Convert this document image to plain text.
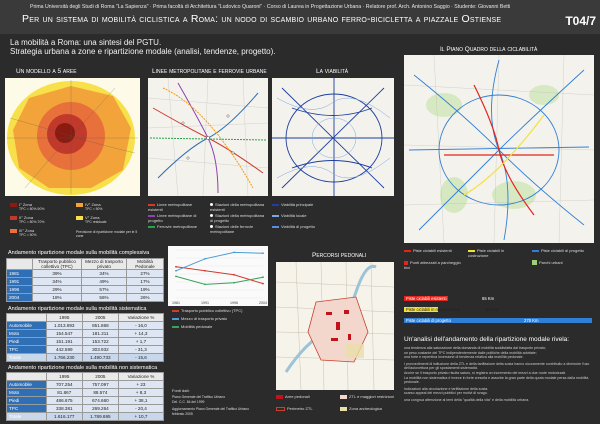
Prima Università degli Studi di Roma "La Sapienza" · Prima facoltà di Architettura "Ludovico Quaroni" · Corso di Laurea in Progettazione Urbana · Relatore prof. Arch. Antonino Saggio · Studente: Giovanni Betti
Per un sistema di mobilità ciclistica a Roma: un nodo di scambio urbano ferro-bicicletta a piazzale Ostiense	T04/7
La mobilità a Roma: una sintesi del PGTU.
Strategia urbana a zone e ripartizione modale (analisi, tendenze, progetto).
Un modello a 5 aree
I° Zona
TPC = 80%-90%
II° Zona
TPC = 80%-70%
III° Zona
TPC = 50%
IV° Zona
TPC = 50%
V° Zona
TPC residuale
Previsione di ripartizione modale per le 5 zone
Linee metropolitane e ferrovie urbane
Linee metropolitane esistenti
Stazioni della metropolitana esistenti
Linee metropolitane di progetto
Stazioni della metropolitana di progetto
Ferrovie metropolitane	Stazioni delle ferrovie metropolitane
La viabilità
Viabilità principale
Viabilità locale
Viabilità di progetto
Il Piano Quadro della ciclabilità
Piste ciclabili esistenti	Piste ciclabili in costruzione
Piste ciclabili di progetto
Punti attrezzati a parcheggio bici
Parchi urbani
Piste ciclabili esistenti	65 Km
Piste ciclabili in realizzazione	50 Km
Piste ciclabili di progetto	278 Km
Un'analisi dell'andamento della ripartizione modale rivela:
una tendenza alla saturazione della domanda di mobilità soddisfatta dal trasporto privato;
un peso costante del TPC indipendentemente dalle politiche della mobilità adottate;
una forte e repentina inversione di tendenza relativa alla mobilità pedonale.
I provvedimenti di istituzione della ZTL e della tariffazione della sosta hanno sicuramente contribuito a diminuire l'uso dell'autovettura per gli spostamenti sistematici.
Anche se il trasporto privato risulta saturo, si registra un incremento dei mezzi a due ruote motorizzati.
La mobilità non sistematica è invece in forte crescita e assorbe la gran parte della quota modale persa dalla mobilità pedonale.
Indicazioni alla circolazione e tariffazione della sosta.
scarso appeal dei mezzi pubblici per motivi di svago.
una congrua attenzione ai temi della "qualità della vita" e della mobilità urbana.
Andamento ripartizione modale sulla mobilità complessiva
	Trasporto pubblico collettivo (TPC)	Mezzo di trasporto privato	Mobilità Pedonale
1981	39%	34%	27%
1991	34%	49%	17%
1996	29%	57%	19%
2004	18%	56%	26%
Andamento ripartizione modale sulla mobilità sistematica
	1995	2005	Variazione %
Automobile	1.013.893	851.868	- 16,0
Moto	154.547	181.211	+ 14,3
Piedi	151.191	153.722	+ 1,7
TPC	442.599	303.932	- 31,3
Totale	1.766.230	1.490.733	- 15,6
Andamento ripartizione modale sulla mobilità non sistematica
	1995	2005	Variazione %
Automobile	707.254	757.097	+ 23
Moto	81.867	88.574	+ 8,3
Piedi	486.675	674.660	+ 38,1
TPC	338.381	269.264	- 20,4
Totale	1.616.177	1.789.695	+ 10,7
1981	1991	1996	2004
Trasporto pubblico collettivo (TPC)
Mezzo di trasporto privato
Mobilità pedonale
Fonti dati:
Piano Generale del Traffico Urbano
Del. C.C. 84 del 1999
Aggiornamento Piano Generale del Traffico Urbano
febbraio 2005
Percorsi pedonali
Aree pedonali	ZTL e maggiori restrizioni
Perimetro ZTL	Zona archeologica
